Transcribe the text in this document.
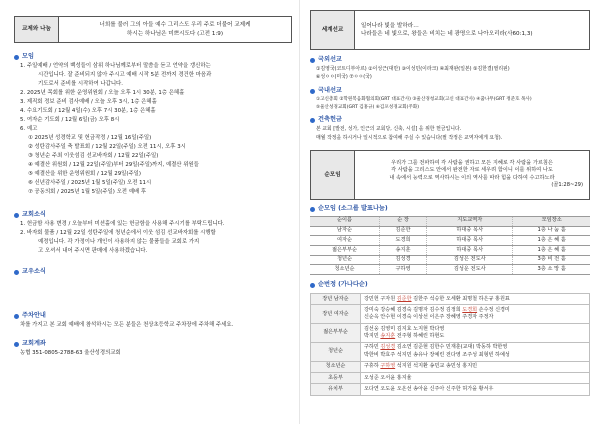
교제와 나눔
너희를 불러 그의 아들 예수 그리스도 우리 주로 더불어 교제케
하시는 하나님은 미쁘시도다 (고전 1:9)
모임
1. 주일예배 / 언약의 백성들이 삼위 하나님께로부터 말씀을 듣고 언약을 갱신하는
시간입니다. 잘 준비되지 않아 주시고 예배 시작 5분 전까지 경건한 마음과
기도로서 준비를 시작하여 나갑니다.
2. 2025년 목회를 위한 운영위원회 / 오늘 오후 1시 30분, 1층 은혜홀
3. 제직회 정보 준비 검사예배 / 오늘 오후 3시, 1층 은혜홀
4. 수요기도회 / 12월 4일(수) 오후 7시 30분, 1층 은혜홀
5. 여자순 기도회 / 12월 6일(금) 오후 8시
6. 예고
① 2025년 성경학교 및 헌금작정 / 12월 16일(주일)
② 성탄감사주일 축 발표회 / 12월 22일(주일) 오전 11시, 오후 3시
③ 청년순 주최 이웃섬김 선교바자회 / 12월 22일(주일)
④ 예결산 위원회 / 12월 22일(주일)부터 29일(주일)까지, 예결산 위원들
⑤ 예결산을 위한 운영위원회 / 12월 29일(주일)
⑥ 신년감사주일 / 2025년 1월 5일(주일) 오전 11시
⑦ 공동의회 / 2025년 1월 5일(주일) 오전 예배 후
교회소식
1. 헌금함 사용 변경 / 오늘부터 미션홀에 있는 헌금함을 사용해 주시기를 부탁드립니다.
2. 바자회 물품 / 12월 22일 성탄주일에 청년순에서 이웃 섬김 선교바자회를 시행할
예정입니다. 각 가정이나 개인이 사용하지 않는 물품들을 교회로 가지
고 오셔서 내어 주시면 판매에 사용하겠습니다.
교우소식
주차안내
차를 가지고 본 교회 예배에 참석하시는 모든 분들은 천상초등학교 주차장에 주차해 주세요.
교회계좌
농협 351-0805-2788-63 울산성경의교회
세계선교
일어나라 빛을 발하라…
나라들은 네 빛으로, 왕들은 비치는 네 광명으로 나아오리라(사60:1,3)
국외선교
①김영국(코트디부아르) ②이성근(대만) ③이성민(이라크) ④최재완(일본) ⑤김한결(필리핀)
⑥성ㅇㅇ(미국) ⑦ㅇㅇ(국)
국내선교
①고신총회 ②학원복음화협의회(GRT 대표간사) ③울산경청교회(고신 대표간사) ④꿈나무(GRT 정준호 목사)
⑤울산성경교회(GRT 김홍규) ⑥김포성경교회(주화)
건축헌금
본 교회 [발전, 성가, 인근의 교회당, 신축, 시설] 을 위한 헌금입니다.
매월 작정을 하시거나 일시적으로 참여해 주실 수 있습니다(필 작정은 교역자에게 요청).
순모임
우리가 그를 전파하여 각 사람을 권하고 모든 지혜로 각 사람을 가르침은
각 사람을 그리스도 안에서 완전한 자로 세우려 함이니 이를 위하여 나도
내 속에서 능력으로 역사하시는 이의 역사를 따라 힘을 다하여 수고하노라
(골1:28~29)
순모임 (소그룹 발표나눔)
순이름	순 장	지도교역자	모임장소
남자순	김준한	하대중 목사	1층 나 눔 홀
여자순	도경희	하대중 목사	1층 은 혜 홀
젊은부부순	송지훈	하대중 목사	1층 은 혜 홀
청년순	김성경	김성은 전도사	3층 비 전 홀
청소년순	구하영	김성운 전도사	3층 소 망 홀
순번정 (가나다순)
장년 남자순	강민헌 구자원 김준한 김한주 석승한 오세환 최명철 하은규 홍원표

장년 여자순	강미숙 강승혜 김경숙 김명자 김수정 김정희 도경희 손수정 신경미
신순옥 안수현 이경숙 이상선 이은주 장혜영 주경자 주정자

젊은부부순	김선웅 김영미 김지효 노지현 박다영
박지민 송지훈 전주형 하혜린 하현도

청년순	구하민 김성경 김소연 김준현 김한수 민재훈(교대) 박동하 박한영
박한비 박효주 석지민 송유나 장예린 전다영 조주성 최형빈 하예성

청소년순	구휴하 구하영 석지원 석지환 송민교 송민성 홍지민

초등부	오성준 오서윤 홍지율

유치부	오다연 오도윤 오온선 송아윤 신주아 신주한 허가을 황서우
